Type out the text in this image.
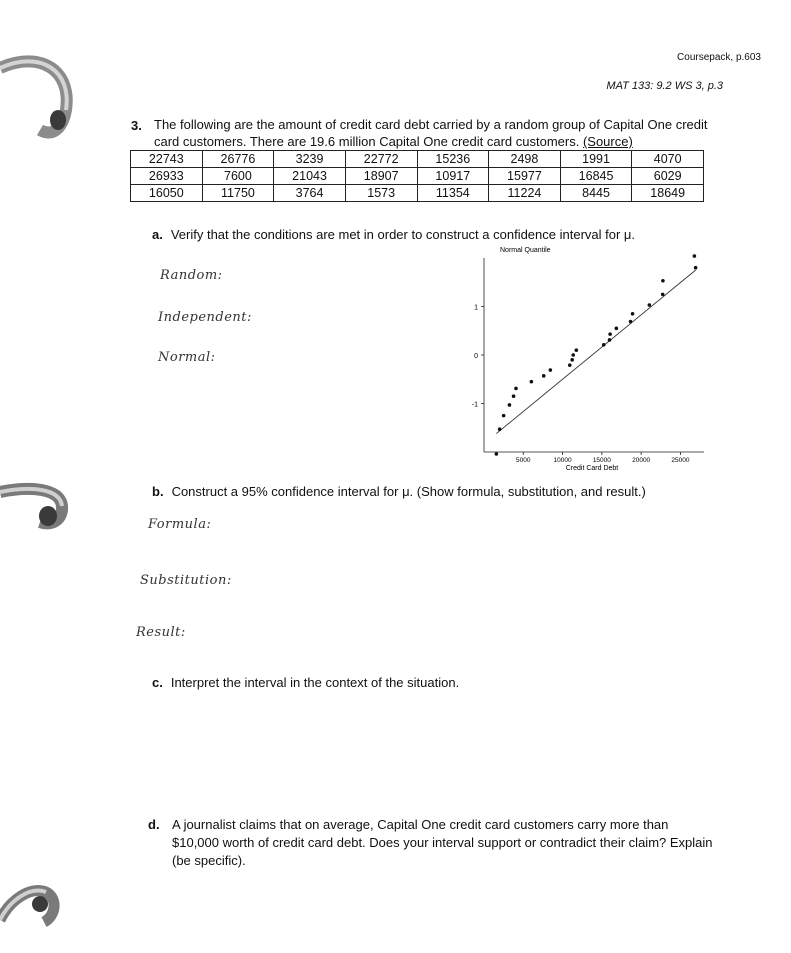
Coursepack, p.603
MAT 133: 9.2 WS 3, p.3
3. The following are the amount of credit card debt carried by a random group of Capital One credit card customers. There are 19.6 million Capital One credit card customers. (Source)
22743	26776	3239	22772	15236	2498	1991	4070
26933	7600	21043	18907	10917	15977	16845	6029
16050	11750	3764	1573	11354	11224	8445	18649
a. Verify that the conditions are met in order to construct a confidence interval for μ.
Random:
Independent:
Normal:
Normal Quantile
1
0
-1
5000	10000	15000	20000	25000
Credit Card Debt
b. Construct a 95% confidence interval for μ. (Show formula, substitution, and result.)
Formula:
Substitution:
Result:
c. Interpret the interval in the context of the situation.
d. A journalist claims that on average, Capital One credit card customers carry more than $10,000 worth of credit card debt. Does your interval support or contradict their claim? Explain (be specific).
